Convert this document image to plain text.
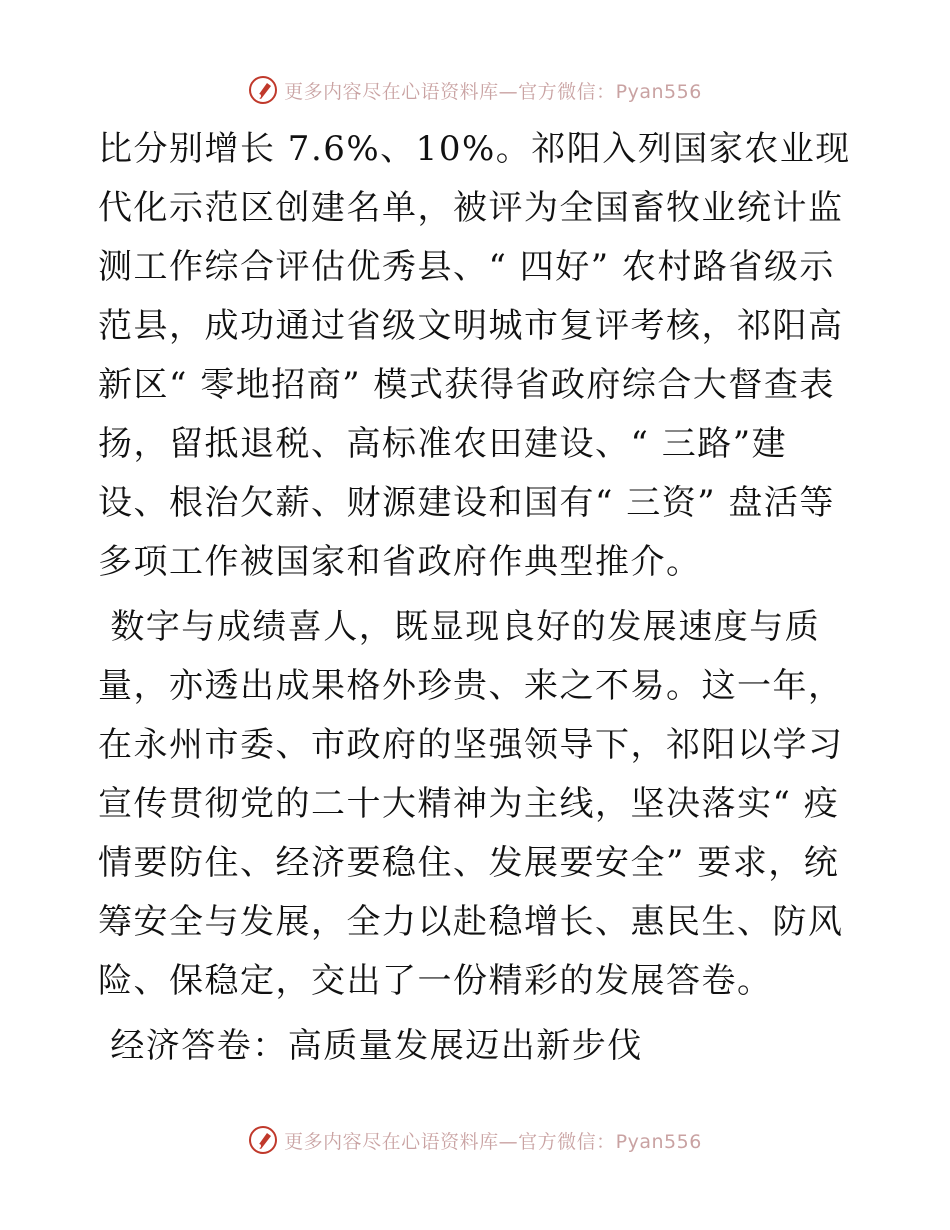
更多内容尽在心语资料库—官方微信：Pyan556

比分别增长 7.6%、10%。祁阳入列国家农业现代化示范区创建名单，被评为全国畜牧业统计监测工作综合评估优秀县、“ 四好” 农村路省级示范县，成功通过省级文明城市复评考核，祁阳高新区“ 零地招商” 模式获得省政府综合大督查表扬，留抵退税、高标准农田建设、“ 三路”建设、根治欠薪、财源建设和国有“ 三资” 盘活等多项工作被国家和省政府作典型推介。

数字与成绩喜人，既显现良好的发展速度与质量，亦透出成果格外珍贵、来之不易。这一年，在永州市委、市政府的坚强领导下，祁阳以学习宣传贯彻党的二十大精神为主线，坚决落实“ 疫情要防住、经济要稳住、发展要安全” 要求，统筹安全与发展，全力以赴稳增长、惠民生、防风险、保稳定，交出了一份精彩的发展答卷。

经济答卷：高质量发展迈出新步伐

更多内容尽在心语资料库—官方微信：Pyan556
